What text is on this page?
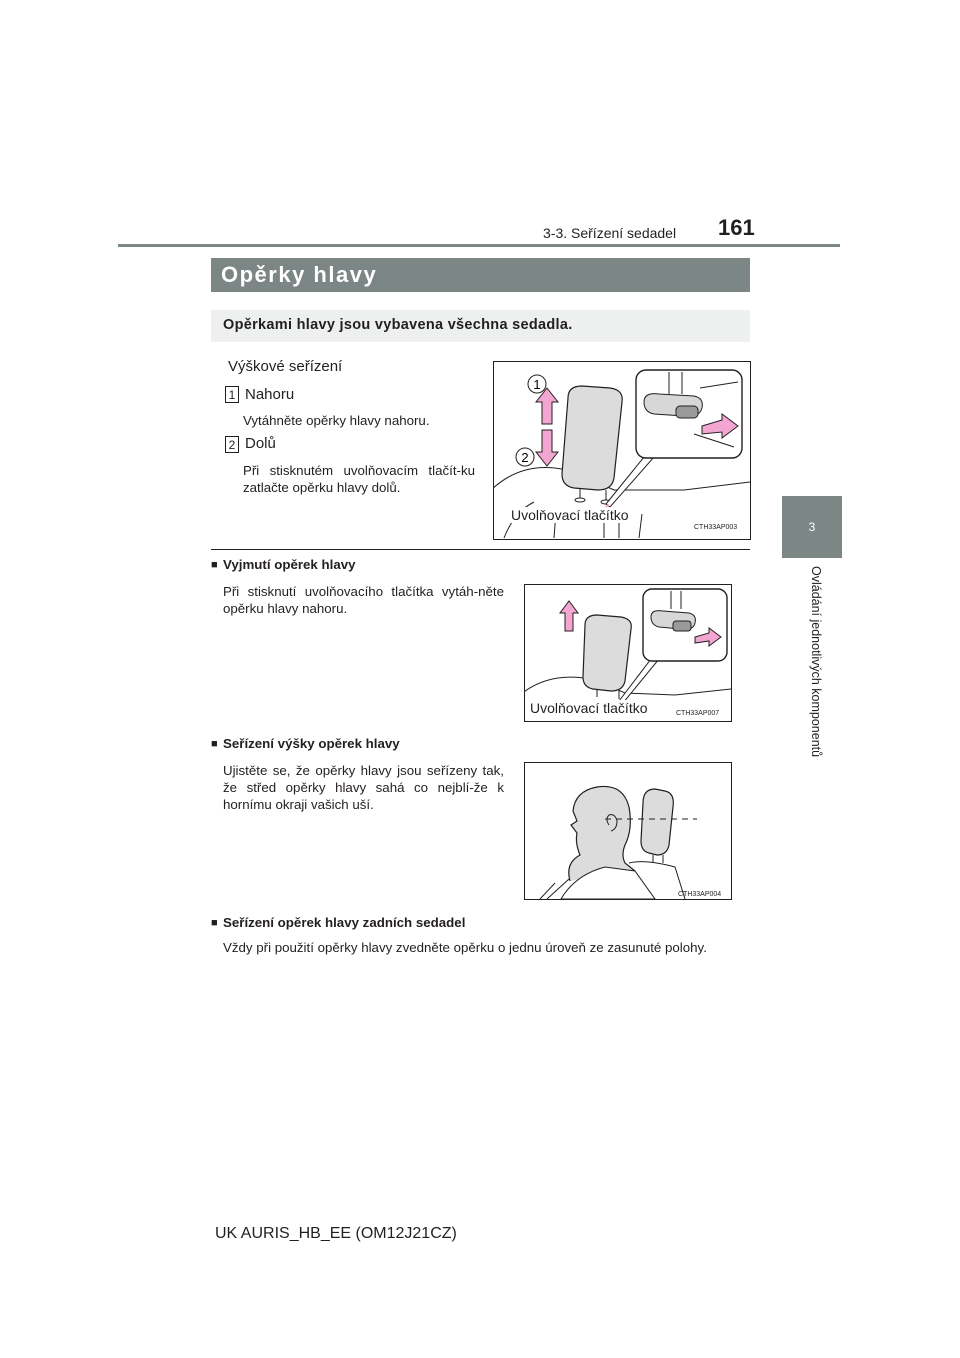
3-3. Seřízení sedadel 161
3
Ovládání jednotlivých komponentů
Opěrky hlavy
Opěrkami hlavy jsou vybavena všechna sedadla.
Výškové seřízení
1 Nahoru
Vytáhněte opěrky hlavy nahoru.
2 Dolů
Při stisknutém uvolňovacím tlačít-ku zatlačte opěrku hlavy dolů.
1
2
Uvolňovací tlačítko
CTH33AP003
■ Vyjmutí opěrek hlavy
Při stisknutí uvolňovacího tlačítka vytáh-něte opěrku hlavy nahoru.
Uvolňovací tlačítko	CTH33AP007
■ Seřízení výšky opěrek hlavy
Ujistěte se, že opěrky hlavy jsou seřízeny tak, že střed opěrky hlavy sahá co nejblí-že k hornímu okraji vašich uší.
CTH33AP004
■ Seřízení opěrek hlavy zadních sedadel
Vždy při použití opěrky hlavy zvedněte opěrku o jednu úroveň ze zasunuté polohy.
UK AURIS_HB_EE (OM12J21CZ)
